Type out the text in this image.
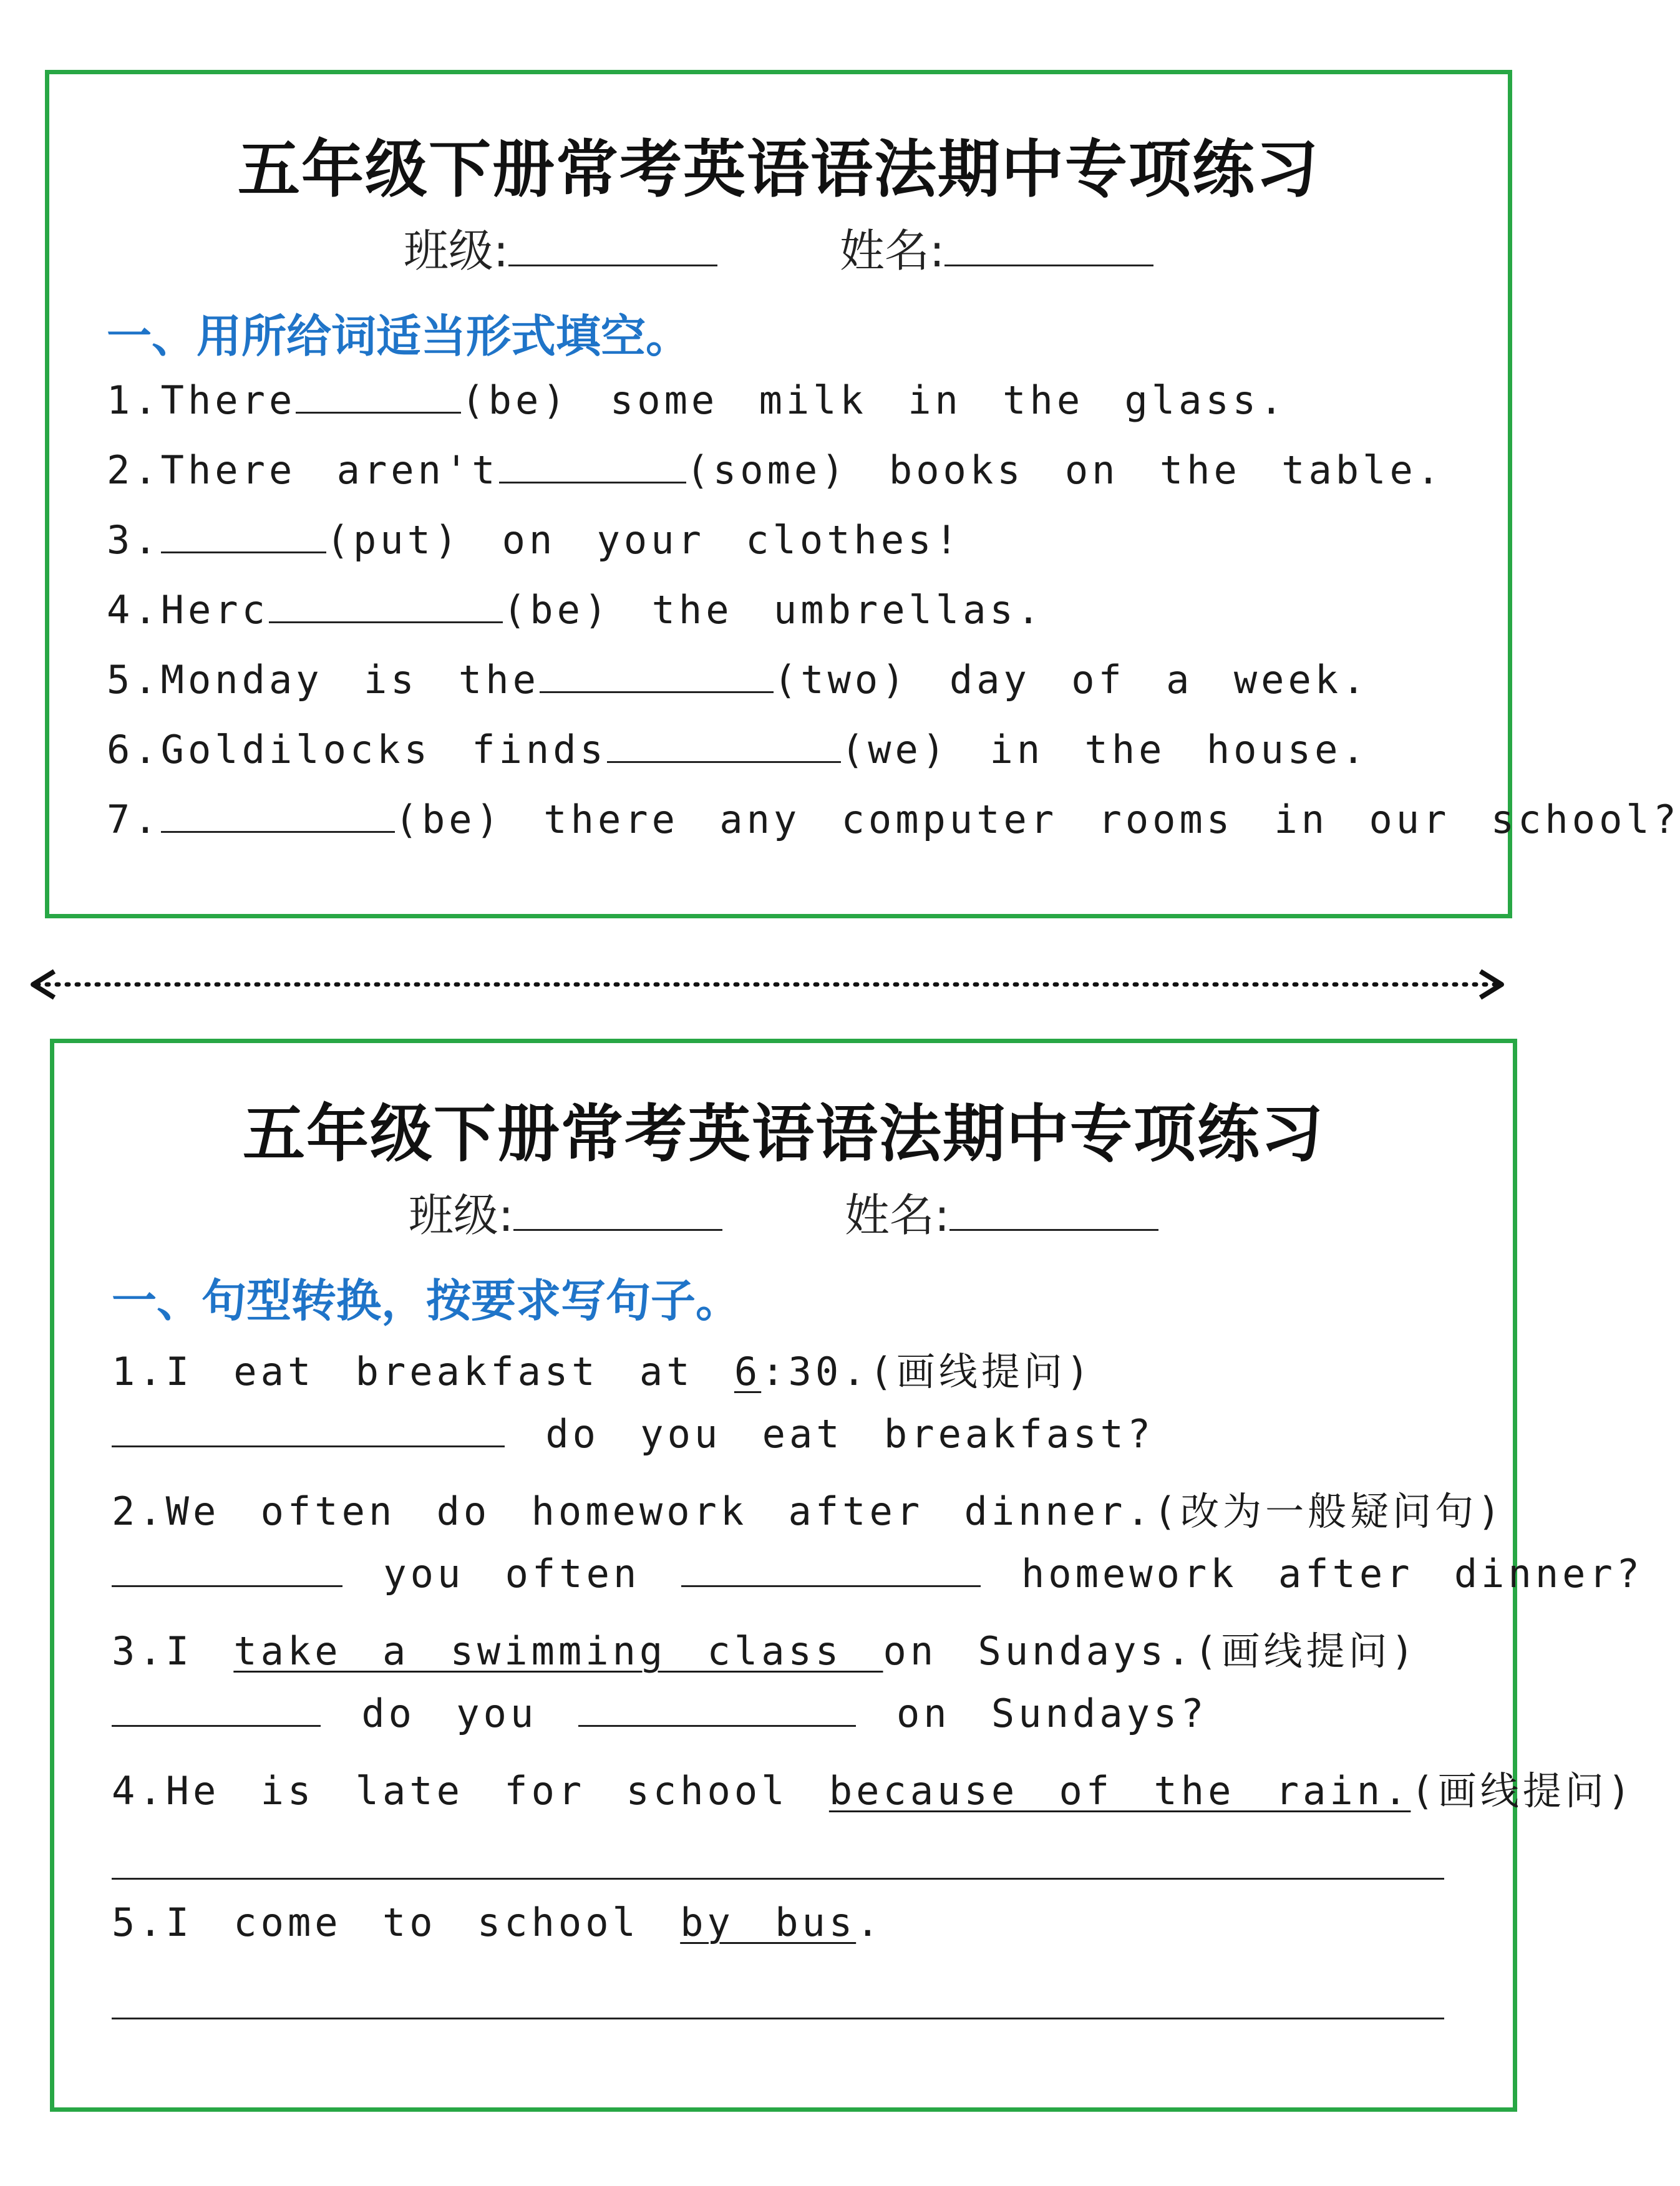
五年级下册常考英语语法期中专项练习
班级:	姓名:
一、用所给词适当形式填空。
1.There	(be) some milk in the glass.
2.There aren't	(some) books on the table.
3.	(put) on your clothes!
4.Herc	(be) the umbrellas.
5.Monday is the	(two) day of a week.
6.Goldilocks finds	(we) in the house.
7.	(be) there any computer rooms in our school?
五年级下册常考英语语法期中专项练习
班级:	姓名:
一、句型转换，按要求写句子。
1.I eat breakfast at 6:30.(画线提问)
do you eat breakfast?
2.We often do homework after dinner.(改为一般疑问句)
you often	homework after dinner?
3.I take a swimming class on Sundays.(画线提问)
do you	on Sundays?
4.He is late for school because of the rain.(画线提问)
5.I come to school by bus.
